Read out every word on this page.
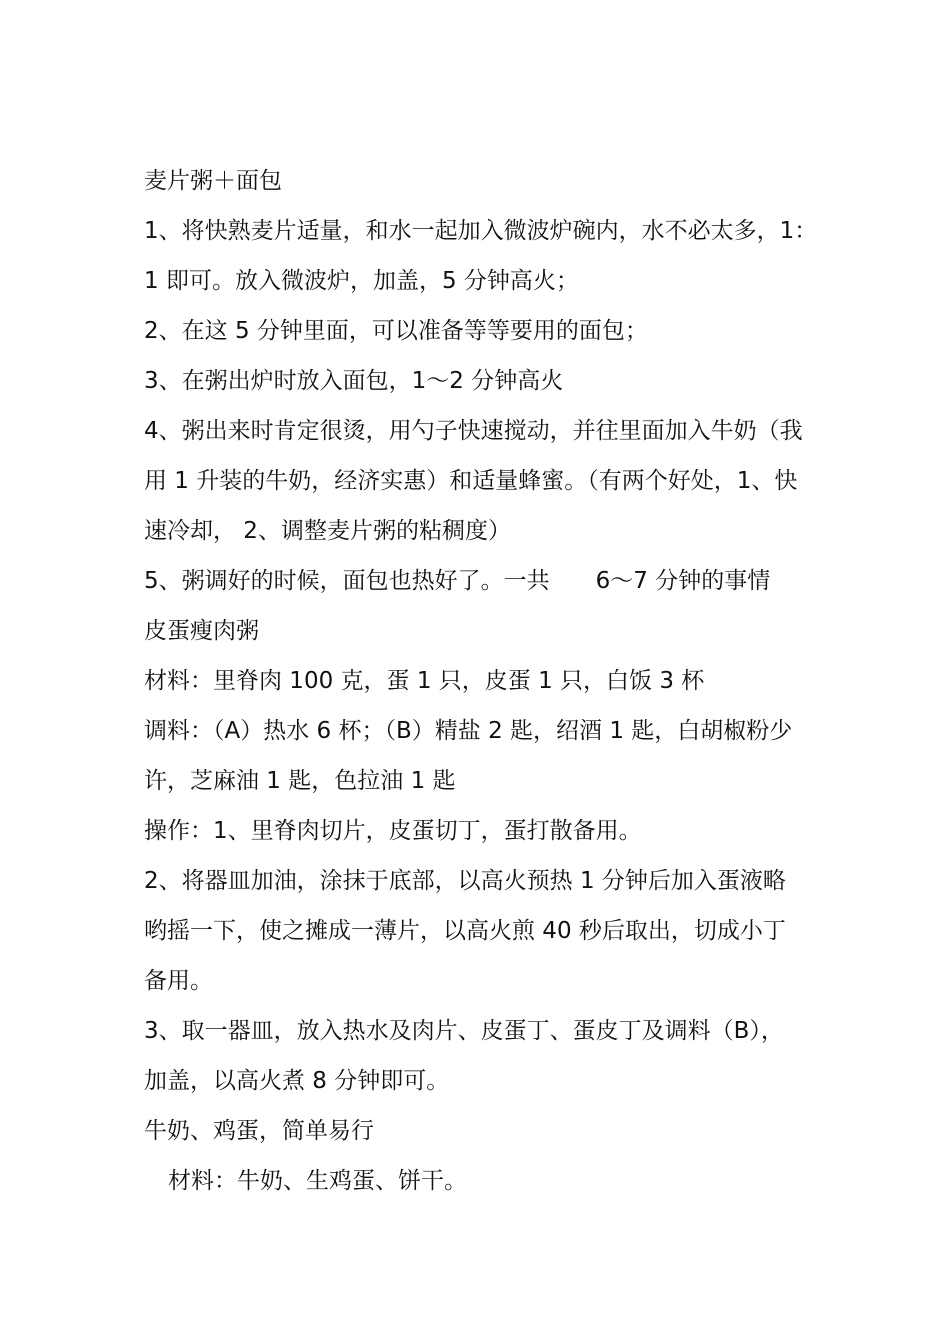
麦片粥＋面包
1、将快熟麦片适量，和水一起加入微波炉碗内，水不必太多，1：
1 即可。放入微波炉，加盖，5 分钟高火；
2、在这 5 分钟里面，可以准备等等要用的面包；
3、在粥出炉时放入面包，1～2 分钟高火
4、粥出来时肯定很烫，用勺子快速搅动，并往里面加入牛奶（我
用 1 升装的牛奶，经济实惠）和适量蜂蜜。（有两个好处，1、快
速冷却， 2、调整麦片粥的粘稠度）
5、粥调好的时候，面包也热好了。一共　　6～7 分钟的事情
皮蛋瘦肉粥
材料：里脊肉 100 克，蛋 1 只，皮蛋 1 只，白饭 3 杯
调料：（A）热水 6 杯；（B）精盐 2 匙，绍酒 1 匙，白胡椒粉少
许，芝麻油 1 匙，色拉油 1 匙
操作：1、里脊肉切片，皮蛋切丁，蛋打散备用。
2、将器皿加油，涂抹于底部，以高火预热 1 分钟后加入蛋液略
哟摇一下，使之摊成一薄片，以高火煎 40 秒后取出，切成小丁
备用。
3、取一器皿，放入热水及肉片、皮蛋丁、蛋皮丁及调料（B），
加盖，以高火煮 8 分钟即可。
牛奶、鸡蛋，简单易行
材料：牛奶、生鸡蛋、饼干。
